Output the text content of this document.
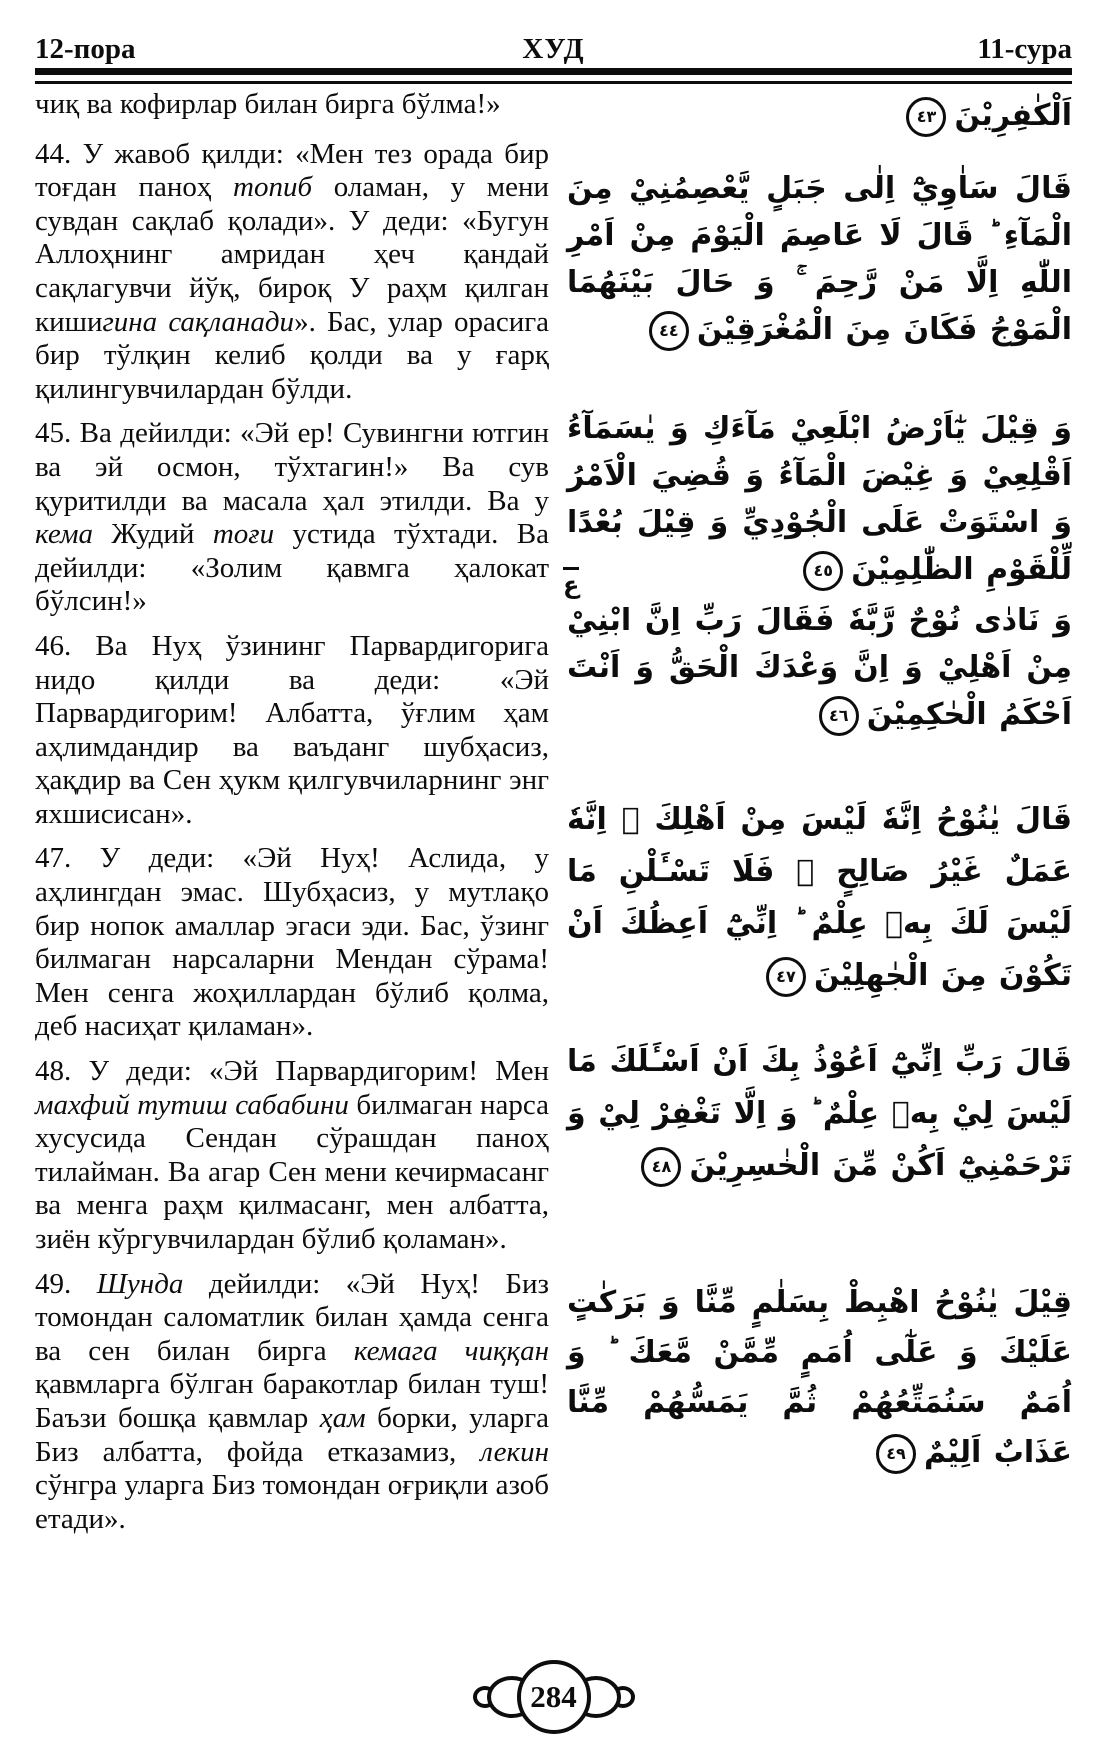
12-пора	ХУД	11-сура

чиқ ва кофирлар билан бирга бўлма!»

44. У жавоб қилди: «Мен тез орада бир тоғдан паноҳ топиб оламан, у мени сувдан сақлаб қолади». У деди: «Бугун Аллоҳнинг амридан ҳеч қандай сақлагувчи йўқ, бироқ У раҳм қилган кишигина сақланади». Бас, улар орасига бир тўлқин келиб қолди ва у ғарқ қилингувчилардан бўлди.

45. Ва дейилди: «Эй ер! Сувингни ютгин ва эй осмон, тўхтагин!» Ва сув қуритилди ва масала ҳал этилди. Ва у кема Жудий тоғи устида тўхтади. Ва дейилди: «Золим қавмга ҳалокат бўлсин!»

46. Ва Нуҳ ўзининг Парвардигорига нидо қилди ва деди: «Эй Парвардигорим! Албатта, ўғлим ҳам аҳлимдандир ва ваъданг шубҳасиз, ҳақдир ва Сен ҳукм қилгувчиларнинг энг яхшисисан».

47. У деди: «Эй Нуҳ! Аслида, у аҳлингдан эмас. Шубҳасиз, у мутлақо бир нопок амаллар эгаси эди. Бас, ўзинг билмаган нарсаларни Мендан сўрама! Мен сенга жоҳиллардан бўлиб қолма, деб насиҳат қиламан».

48. У деди: «Эй Парвардигорим! Мен махфий тутиш сабабини билмаган нарса хусусида Сендан сўрашдан паноҳ тилайман. Ва агар Сен мени кечирмасанг ва менга раҳм қилмасанг, мен албатта, зиён кўргувчилардан бўлиб қоламан».

49. Шунда дейилди: «Эй Нуҳ! Биз томондан саломатлик билан ҳамда сенга ва сен билан бирга кемага чиққан қавмларга бўлган баракотлар билан туш! Баъзи бошқа қавмлар ҳам борки, уларга Биз албатта, фойда етказамиз, лекин сўнгра уларга Биз томондан оғриқли азоб етади».

اَلْكٰفِرِيْنَ٤٣

قَالَ سَاٰوِيْٓ اِلٰى جَبَلٍ يَّعْصِمُنِيْ مِنَ الْمَآءِ ؕ قَالَ لَا عَاصِمَ الْيَوْمَ مِنْ اَمْرِ اللّٰهِ اِلَّا مَنْ رَّحِمَ ۚ وَ حَالَ بَيْنَهُمَا الْمَوْجُ فَكَانَ مِنَ الْمُغْرَقِيْنَ٤٤

وَ قِيْلَ يٰٓاَرْضُ ابْلَعِيْ مَآءَكِ وَ يٰسَمَآءُ اَقْلِعِيْ وَ غِيْضَ الْمَآءُ وَ قُضِيَ الْاَمْرُ وَ اسْتَوَتْ عَلَى الْجُوْدِيِّ وَ قِيْلَ بُعْدًا لِّلْقَوْمِ الظّٰلِمِيْنَ٤٥
ع

وَ نَادٰى نُوْحٌ رَّبَّهٗ فَقَالَ رَبِّ اِنَّ ابْنِيْ مِنْ اَهْلِيْ وَ اِنَّ وَعْدَكَ الْحَقُّ وَ اَنْتَ اَحْكَمُ الْحٰكِمِيْنَ٤٦

قَالَ يٰنُوْحُ اِنَّهٗ لَيْسَ مِنْ اَهْلِكَ ۚ اِنَّهٗ عَمَلٌ غَيْرُ صَالِحٍ ۖ فَلَا تَسْـَٔلْنِ مَا لَيْسَ لَكَ بِهٖ عِلْمٌ ؕ اِنِّيْٓ اَعِظُكَ اَنْ تَكُوْنَ مِنَ الْجٰهِلِيْنَ٤٧

قَالَ رَبِّ اِنِّيْٓ اَعُوْذُ بِكَ اَنْ اَسْـَٔلَكَ مَا لَيْسَ لِيْ بِهٖ عِلْمٌ ؕ وَ اِلَّا تَغْفِرْ لِيْ وَ تَرْحَمْنِيْٓ اَكُنْ مِّنَ الْخٰسِرِيْنَ٤٨

قِيْلَ يٰنُوْحُ اهْبِطْ بِسَلٰمٍ مِّنَّا وَ بَرَكٰتٍ عَلَيْكَ وَ عَلٰٓى اُمَمٍ مِّمَّنْ مَّعَكَ ؕ وَ اُمَمٌ سَنُمَتِّعُهُمْ ثُمَّ يَمَسُّهُمْ مِّنَّا عَذَابٌ اَلِيْمٌ٤٩

284
